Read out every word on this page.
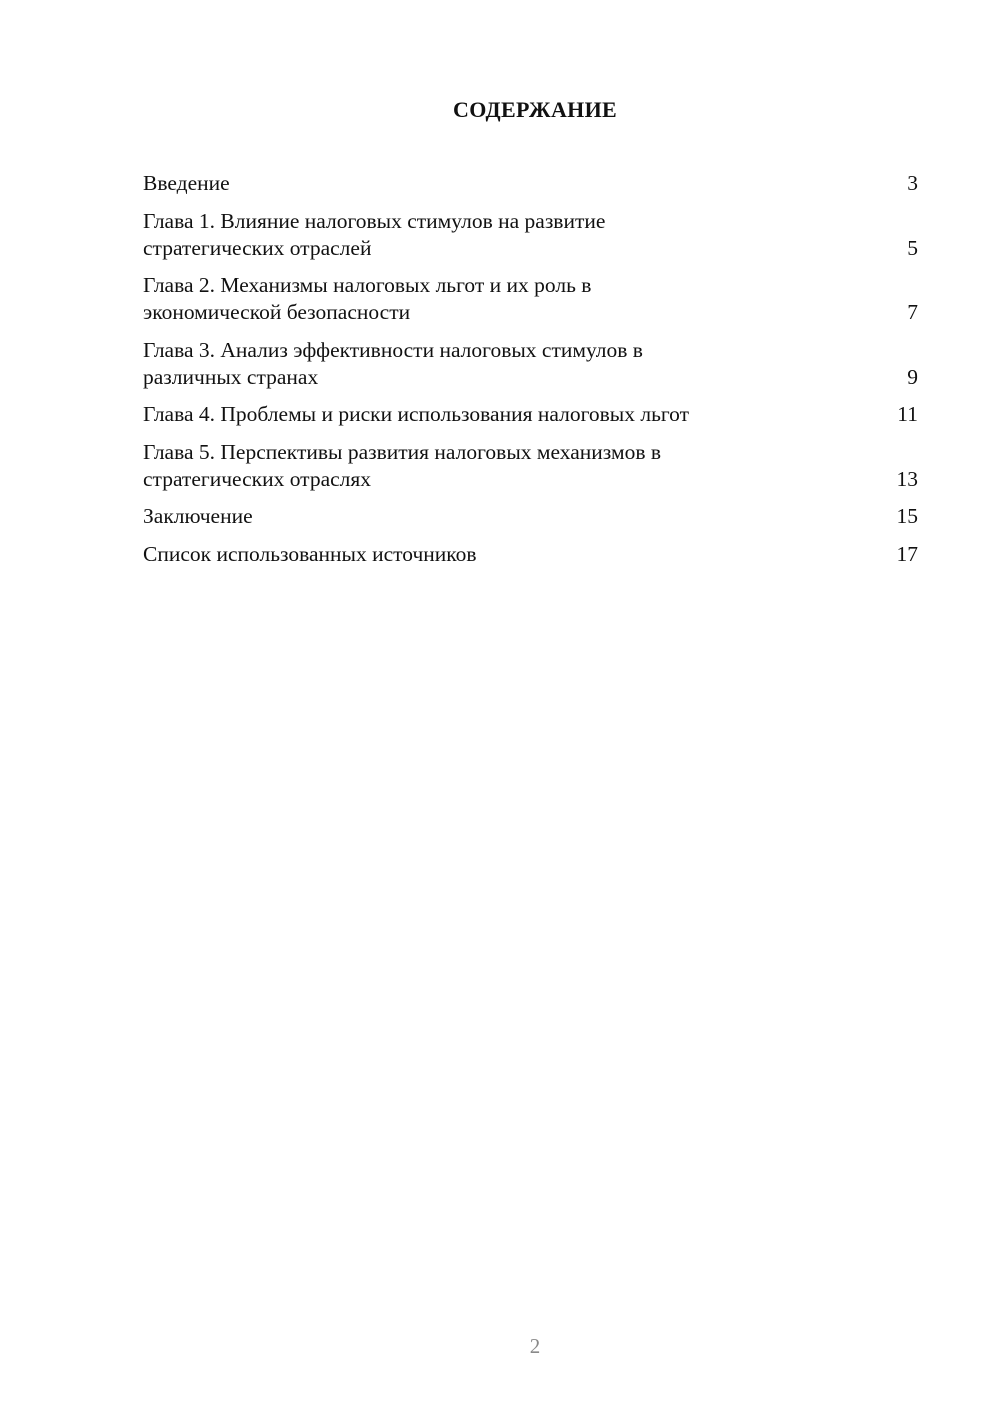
СОДЕРЖАНИЕ
Введение	3
Глава 1. Влияние налоговых стимулов на развитие
стратегических отраслей	5
Глава 2. Механизмы налоговых льгот и их роль в
экономической безопасности	7
Глава 3. Анализ эффективности налоговых стимулов в
различных странах	9
Глава 4. Проблемы и риски использования налоговых льгот	11
Глава 5. Перспективы развития налоговых механизмов в
стратегических отраслях	13
Заключение	15
Список использованных источников	17
2
